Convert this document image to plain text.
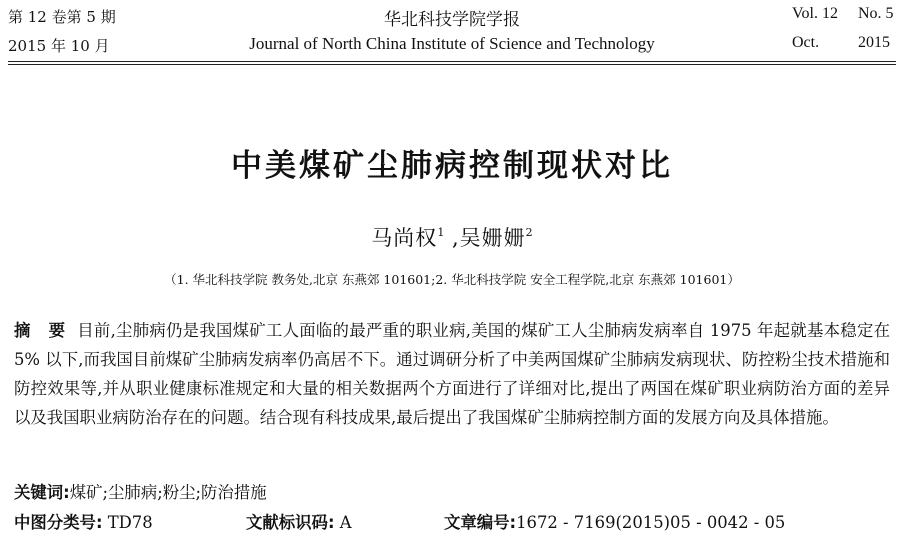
第 12 卷第 5 期
2015 年 10 月
华北科技学院学报
Journal of North China Institute of Science and Technology
Vol. 12 No. 5
Oct. 2015
中美煤矿尘肺病控制现状对比
马尚权$^1$ ,吴姗姗$^2$
（1. 华北科技学院 教务处,北京 东燕郊 101601;2. 华北科技学院 安全工程学院,北京 东燕郊 101601）
摘 要 目前,尘肺病仍是我国煤矿工人面临的最严重的职业病,美国的煤矿工人尘肺病发病率自 1975 年起就基本稳定在 5% 以下,而我国目前煤矿尘肺病发病率仍高居不下。通过调研分析了中美两国煤矿尘肺病发病现状、防控粉尘技术措施和防控效果等,并从职业健康标准规定和大量的相关数据两个方面进行了详细对比,提出了两国在煤矿职业病防治方面的差异以及我国职业病防治存在的问题。结合现有科技成果,最后提出了我国煤矿尘肺病控制方面的发展方向及具体措施。
关键词:煤矿;尘肺病;粉尘;防治措施
中图分类号: TD78	文献标识码: A	文章编号:1672 - 7169(2015)05 - 0042 - 05
